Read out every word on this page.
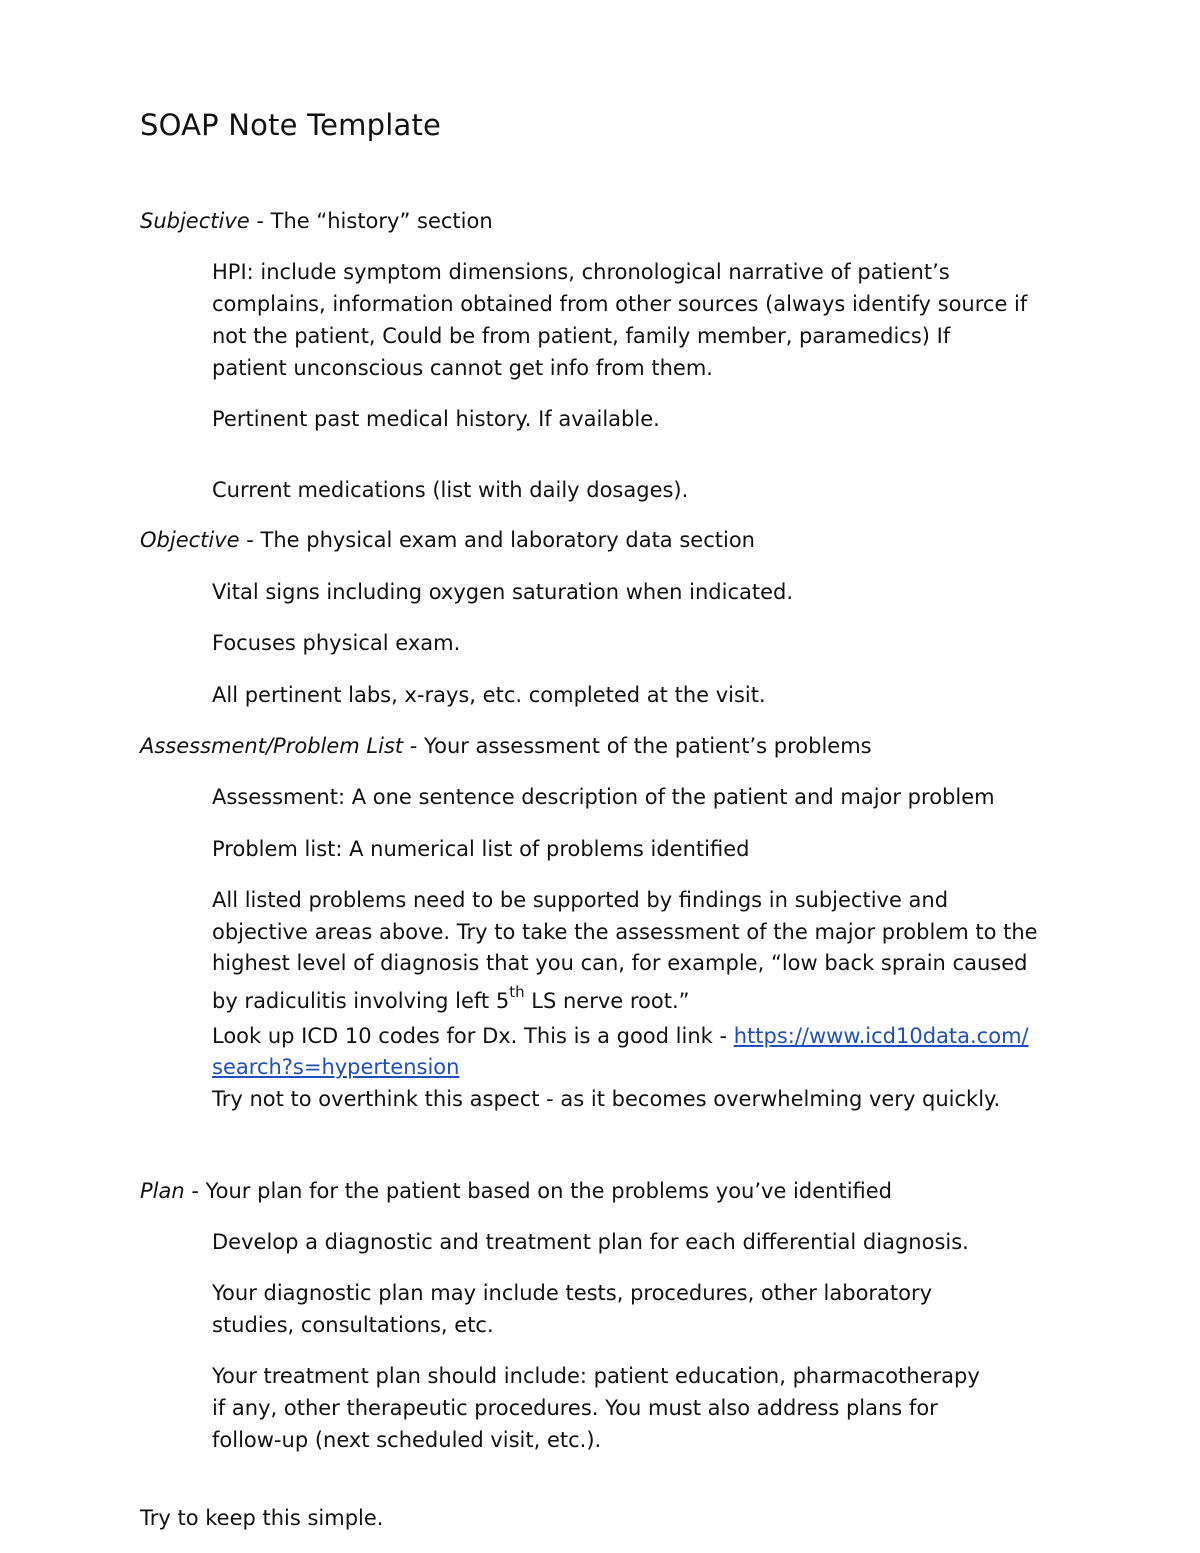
SOAP Note Template

Subjective - The “history” section

HPI: include symptom dimensions, chronological narrative of patient’s

complains, information obtained from other sources (always identify source if

not the patient, Could be from patient, family member, paramedics) If

patient unconscious cannot get info from them.

Pertinent past medical history. If available.

Current medications (list with daily dosages).

Objective - The physical exam and laboratory data section

Vital signs including oxygen saturation when indicated.

Focuses physical exam.

All pertinent labs, x-rays, etc. completed at the visit.

Assessment/Problem List - Your assessment of the patient’s problems

Assessment: A one sentence description of the patient and major problem

Problem list: A numerical list of problems identified

All listed problems need to be supported by findings in subjective and

objective areas above. Try to take the assessment of the major problem to the

highest level of diagnosis that you can, for example, “low back sprain caused

by radiculitis involving left 5th LS nerve root.”

Look up ICD 10 codes for Dx. This is a good link - https://www.icd10data.com/

search?s=hypertension

Try not to overthink this aspect - as it becomes overwhelming very quickly.

Plan - Your plan for the patient based on the problems you’ve identified

Develop a diagnostic and treatment plan for each differential diagnosis.

Your diagnostic plan may include tests, procedures, other laboratory

studies, consultations, etc.

Your treatment plan should include: patient education, pharmacotherapy

if any, other therapeutic procedures. You must also address plans for

follow-up (next scheduled visit, etc.).

Try to keep this simple.
